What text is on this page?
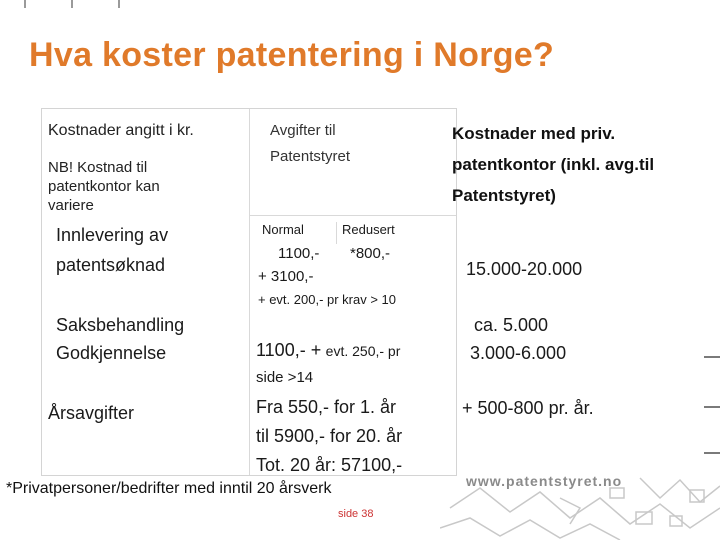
Hva koster patentering i Norge?
Kostnader angitt i kr.
NB! Kostnad til patentkontor kan variere
Innlevering av patentsøknad
Saksbehandling
Godkjennelse
Årsavgifter
Avgifter til Patentstyret
Normal	Redusert
1100,- *800,-
+ 3100,-
+ evt. 200,- pr krav > 10
1100,- + evt. 250,- pr
side >14
Fra 550,- for 1. år
til 5900,- for 20. år
Tot. 20 år: 57100,-
Kostnader med priv. patentkontor (inkl. avg.til Patentstyret)
15.000-20.000
ca. 5.000
3.000-6.000
+ 500-800 pr. år.
www.patentstyret.no
*Privatpersoner/bedrifter med inntil 20 årsverk
side 38
